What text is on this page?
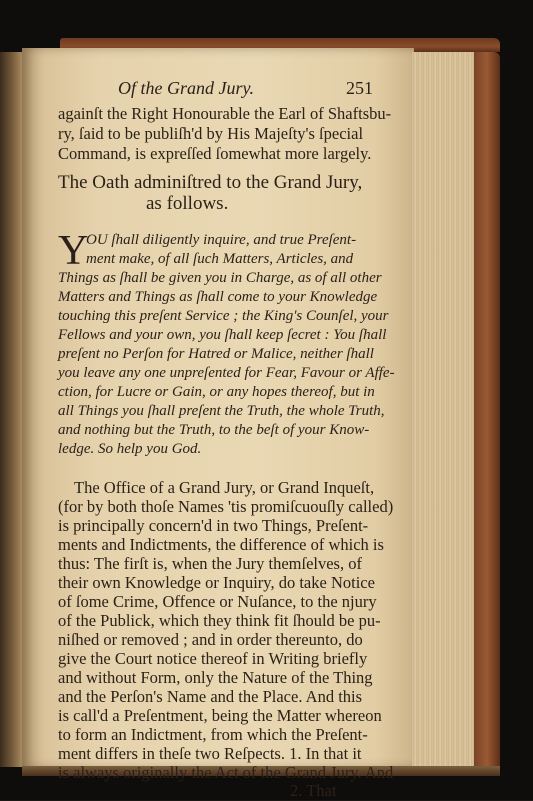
Of the Grand Jury.	251
againſt the Right Honourable the Earl of Shaftsbu-
ry, ſaid to be publiſh'd by His Majeſty's ſpecial
Command, is expreſſed ſomewhat more largely.
The Oath adminiſtred to the Grand Jury,
as follows.
Y
OU ſhall diligently inquire, and true Preſent-
ment make, of all ſuch Matters, Articles, and
Things as ſhall be given you in Charge, as of all other
Matters and Things as ſhall come to your Knowledge
touching this preſent Service ; the King's Counſel, your
Fellows and your own, you ſhall keep ſecret : You ſhall
preſent no Perſon for Hatred or Malice, neither ſhall
you leave any one unpreſented for Fear, Favour or Affe-
ction, for Lucre or Gain, or any hopes thereof, but in
all Things you ſhall preſent the Truth, the whole Truth,
and nothing but the Truth, to the beſt of your Know-
ledge. So help you God.
The Office of a Grand Jury, or Grand Inqueſt,
(for by both thoſe Names 'tis promiſcuouſly called)
is principally concern'd in two Things, Preſent-
ments and Indictments, the difference of which is
thus: The firſt is, when the Jury themſelves, of
their own Knowledge or Inquiry, do take Notice
of ſome Crime, Offence or Nuſance, to the njury
of the Publick, which they think fit ſhould be pu-
niſhed or removed ; and in order thereunto, do
give the Court notice thereof in Writing briefly
and without Form, only the Nature of the Thing
and the Perſon's Name and the Place. And this
is call'd a Preſentment, being the Matter whereon
to form an Indictment, from which the Preſent-
ment differs in theſe two Reſpects. 1. In that it
is always originally the Act of the Grand Jury. And
2. That
